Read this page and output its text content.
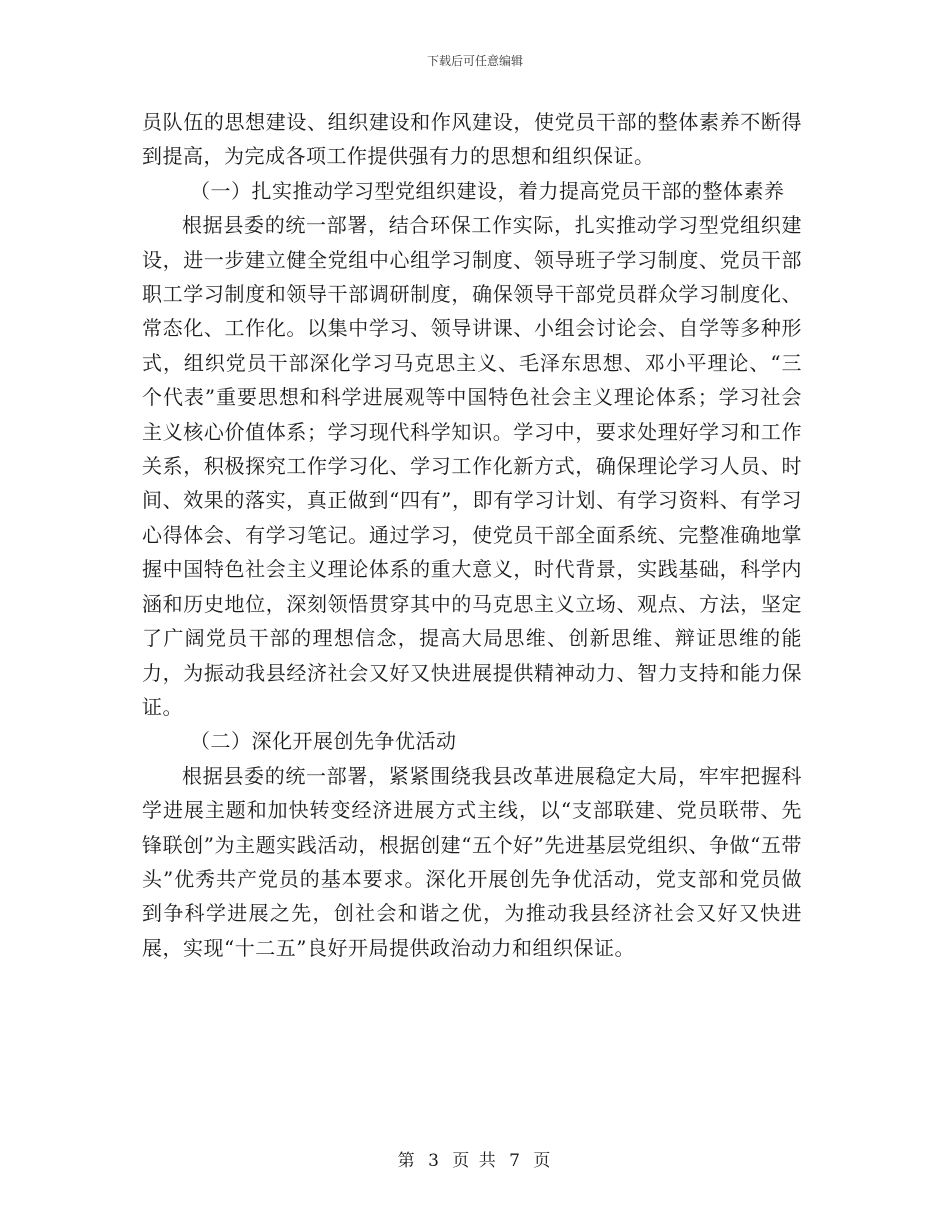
下载后可任意编辑

员队伍的思想建设、组织建设和作风建设，使党员干部的整体素养不断得到提高，为完成各项工作提供强有力的思想和组织保证。

（一）扎实推动学习型党组织建设，着力提高党员干部的整体素养

根据县委的统一部署，结合环保工作实际，扎实推动学习型党组织建设，进一步建立健全党组中心组学习制度、领导班子学习制度、党员干部职工学习制度和领导干部调研制度，确保领导干部党员群众学习制度化、常态化、工作化。以集中学习、领导讲课、小组会讨论会、自学等多种形式，组织党员干部深化学习马克思主义、毛泽东思想、邓小平理论、“三个代表”重要思想和科学进展观等中国特色社会主义理论体系；学习社会主义核心价值体系；学习现代科学知识。学习中，要求处理好学习和工作关系，积极探究工作学习化、学习工作化新方式，确保理论学习人员、时间、效果的落实，真正做到“四有”，即有学习计划、有学习资料、有学习心得体会、有学习笔记。通过学习，使党员干部全面系统、完整准确地掌握中国特色社会主义理论体系的重大意义，时代背景，实践基础，科学内涵和历史地位，深刻领悟贯穿其中的马克思主义立场、观点、方法，坚定了广阔党员干部的理想信念，提高大局思维、创新思维、辩证思维的能力，为振动我县经济社会又好又快进展提供精神动力、智力支持和能力保证。

（二）深化开展创先争优活动

根据县委的统一部署，紧紧围绕我县改革进展稳定大局，牢牢把握科学进展主题和加快转变经济进展方式主线，以“支部联建、党员联带、先锋联创”为主题实践活动，根据创建“五个好”先进基层党组织、争做“五带头”优秀共产党员的基本要求。深化开展创先争优活动，党支部和党员做到争科学进展之先，创社会和谐之优，为推动我县经济社会又好又快进展，实现“十二五”良好开局提供政治动力和组织保证。

第 3 页 共 7 页
